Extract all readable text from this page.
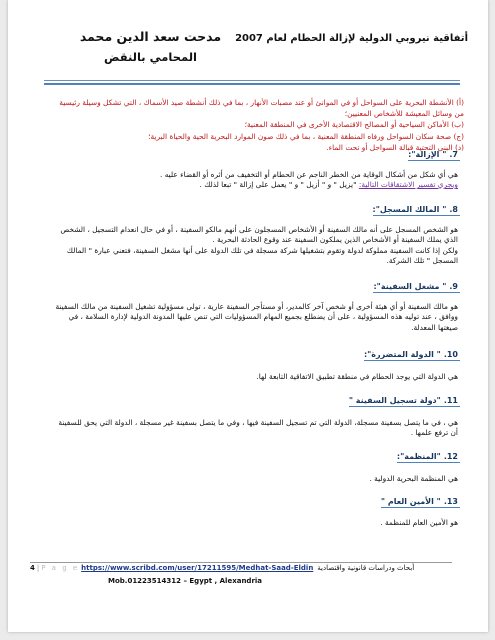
مدحت سعد الدين محمد
المحامي بالنقض
أتفاقية نيروبي الدولية لإزالة الحطام لعام 2007

(أ) الأنشطة البحرية على السواحل أو في الموانئ أو عند مصبات الأنهار ، بما في ذلك أنشطة صيد الأسماك ، التي تشكل وسيلة رئيسية من وسائل المعيشة للأشخاص المعنيين؛

(ب) الأماكن السياحية أو المصالح الاقتصادية الأخرى في المنطقة المعنية؛

(ج) صحة سكان السواحل ورفاه المنطقة المعنية ، بما في ذلك صون الموارد البحرية الحية والحياة البرية؛

(د) البنى التحتية قبالة السواحل أو تحت الماء.

7." الإزالة":

هي أي شكل من أشكال الوقاية من الخطر الناجم عن الحطام أو التخفيف من أثره أو القضاء عليه .

ويجري تفسير الاشتقاقات التالية: "يزيل " و " أزيل " و " يعمل على إزالة " تبعا لذلك .

8." المالك المسجل":

هو الشخص المسجل على أنه مالك السفينة أو الأشخاص المسجلون على أنهم مالكو السفينة ، أو في حال انعدام التسجيل ، الشخص الذي يملك السفينة أو الأشخاص الذين يملكون السفينة عند وقوع الحادثة البحرية .

ولكن إذا كانت السفينة مملوكة لدولة وتقوم بتشغيلها شركة مسجلة في تلك الدولة على أنها مشغل السفينة، فتعني عبارة " المالك المسجل " تلك الشركة.

9." مشغل السفينة":

هو مالك السفينة أو أي هيئة أخرى أو شخص آخر كالمدير، أو مستأجر السفينة عارية ، تولى مسؤولية تشغيل السفينة من مالك السفينة ووافق ، عند توليه هذه المسؤولية ، على أن يضطلع بجميع المهام المسؤوليات التي تنص عليها المدونة الدولية لإدارة السلامة ، في صيغتها المعدلة.

10." الدولة المتضررة":

هي الدولة التي يوجد الحطام في منطقة تطبيق الاتفاقية التابعة لها.

11."دولة تسجيل السفينة "

هي ، في ما يتصل بسفينة مسجلة، الدولة التي تم تسجيل السفينة فيها ، وفي ما يتصل بسفينة غير مسجلة ، الدولة التي يحق للسفينة أن ترفع علمها .

12."المنظمة":

هي المنظمة البحرية الدولية .

13." الأمين العام "

هو الأمين العام للمنظمة .

4 | P a g e https://www.scribd.com/user/17211595/Medhat-Saad-Eldin أبحاث ودراسات قانونية واقتصادية
Mob.01223514312 – Egypt , Alexandria
